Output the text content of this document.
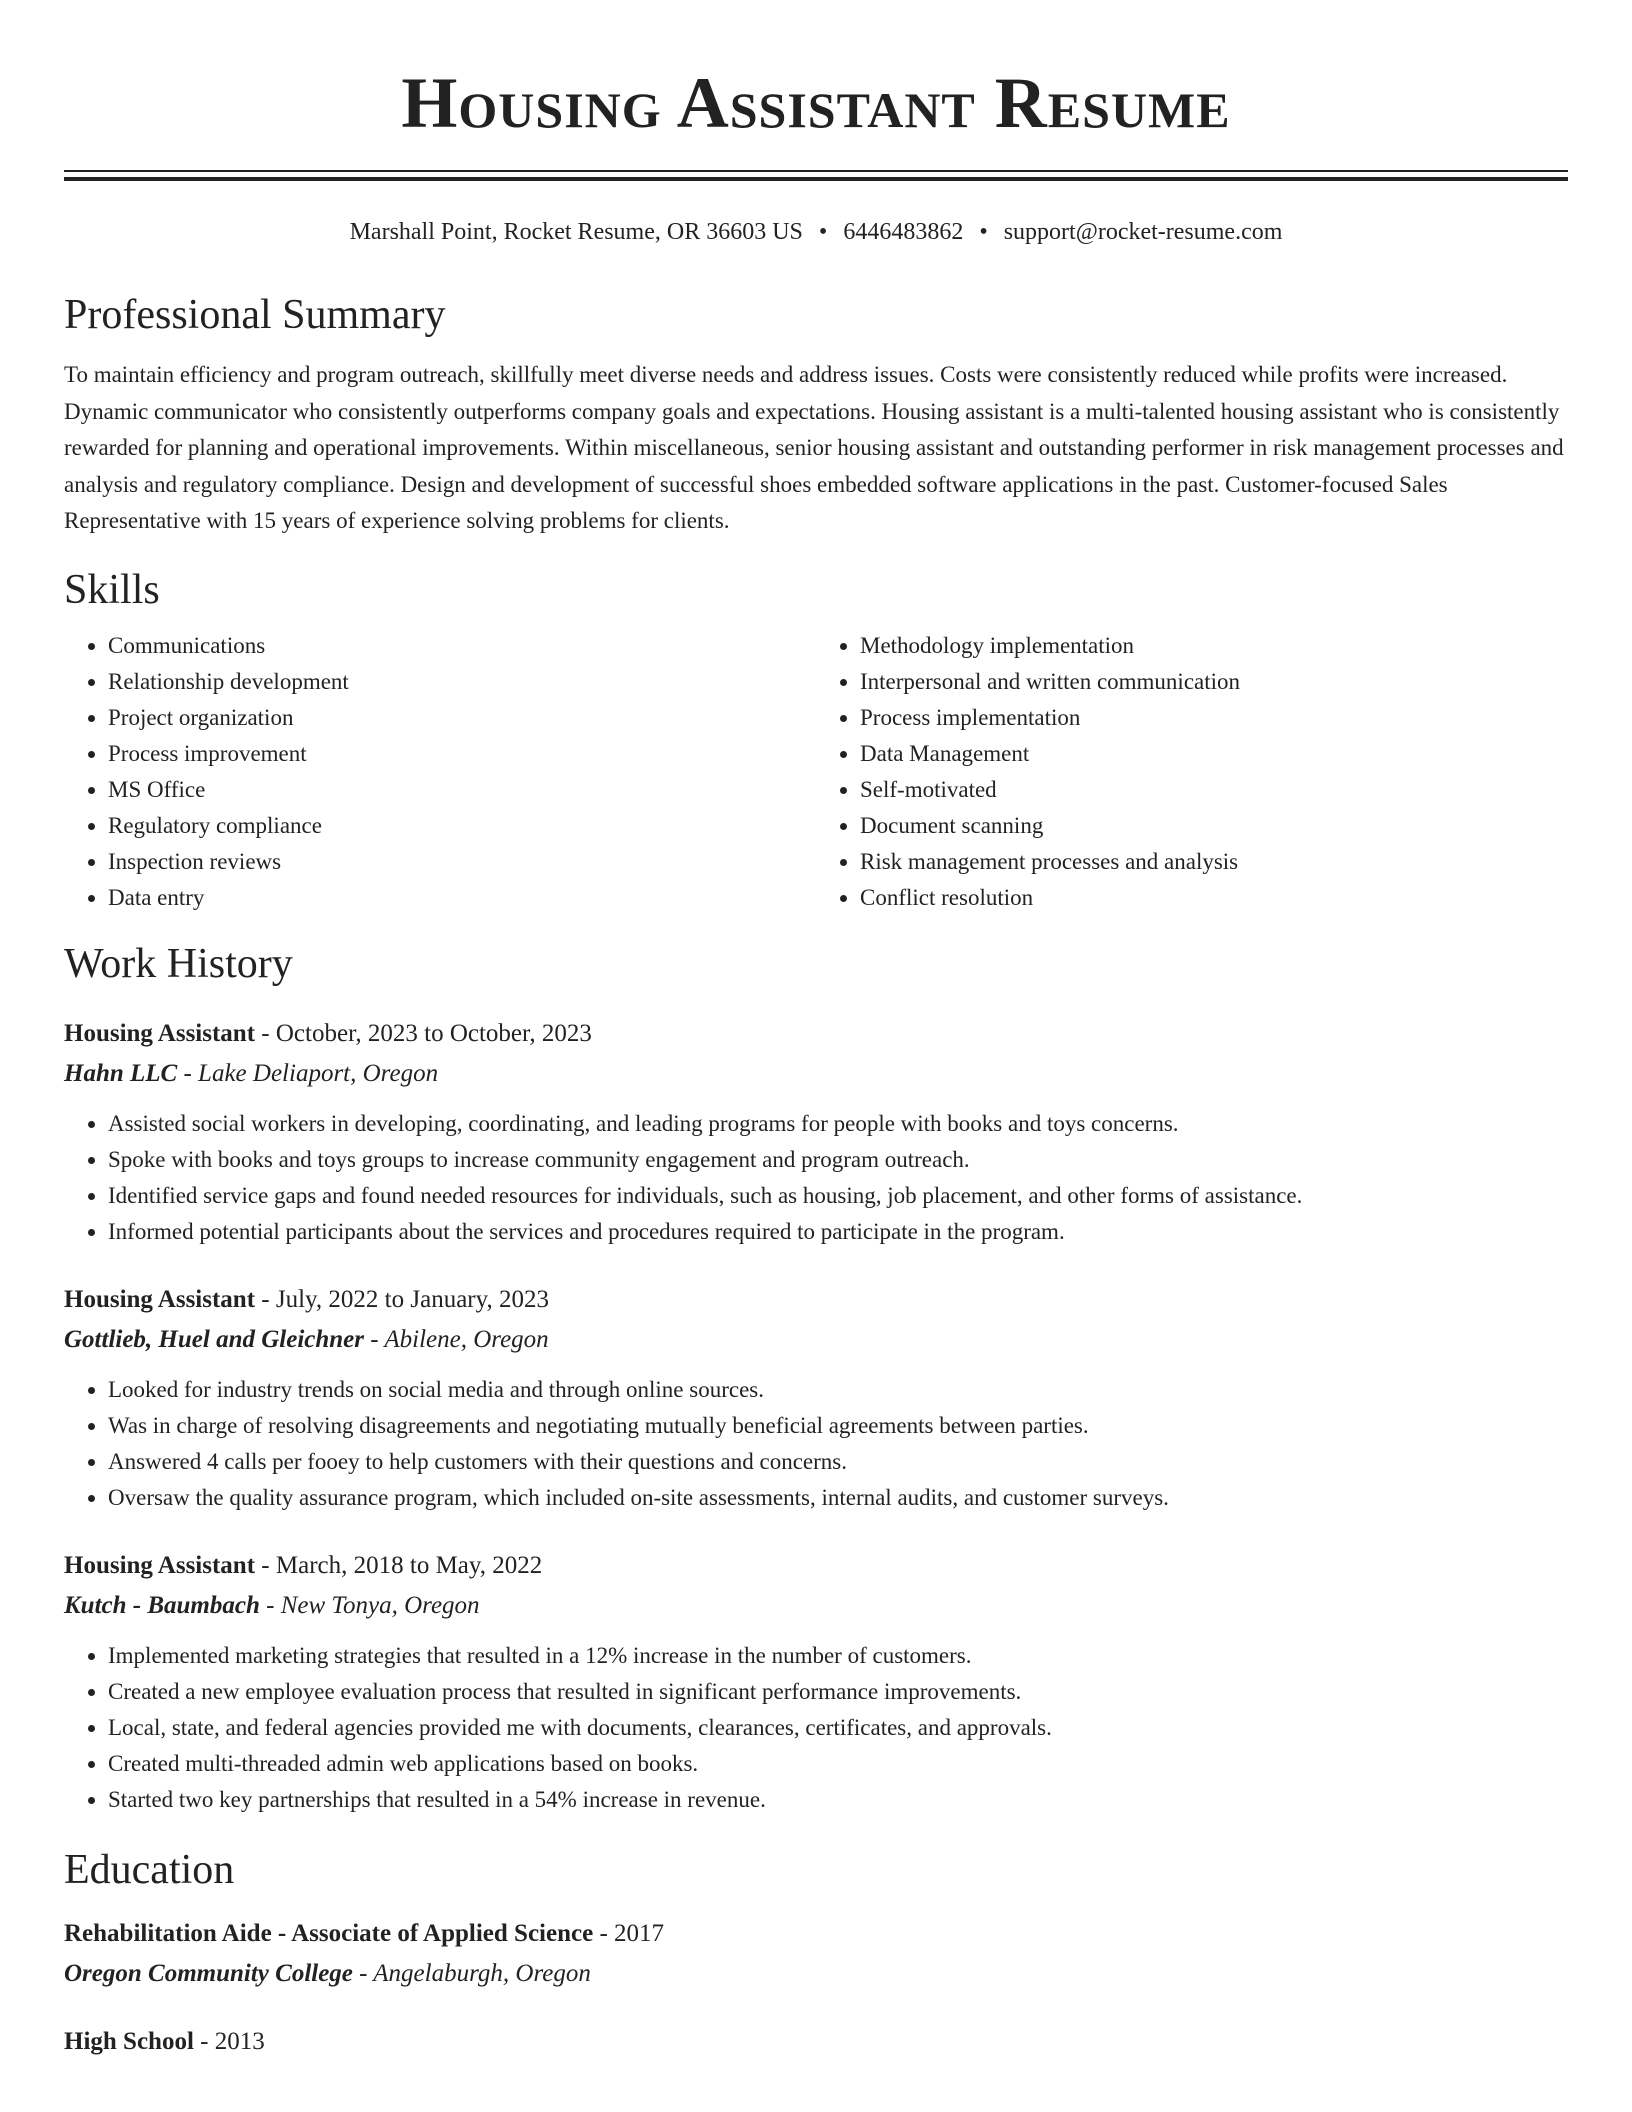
Housing Assistant Resume
Marshall Point, Rocket Resume, OR 36603 US • 6446483862 • support@rocket-resume.com
Professional Summary

To maintain efficiency and program outreach, skillfully meet diverse needs and address issues. Costs were consistently reduced while profits were increased. Dynamic communicator who consistently outperforms company goals and expectations. Housing assistant is a multi-talented housing assistant who is consistently rewarded for planning and operational improvements. Within miscellaneous, senior housing assistant and outstanding performer in risk management processes and analysis and regulatory compliance. Design and development of successful shoes embedded software applications in the past. Customer-focused Sales Representative with 15 years of experience solving problems for clients.

Skills
• Communications
• Relationship development
• Project organization
• Process improvement
• MS Office
• Regulatory compliance
• Inspection reviews
• Data entry
• Methodology implementation
• Interpersonal and written communication
• Process implementation
• Data Management
• Self-motivated
• Document scanning
• Risk management processes and analysis
• Conflict resolution
Work History
Housing Assistant - October, 2023 to October, 2023
Hahn LLC - Lake Deliaport, Oregon
• Assisted social workers in developing, coordinating, and leading programs for people with books and toys concerns.
• Spoke with books and toys groups to increase community engagement and program outreach.
• Identified service gaps and found needed resources for individuals, such as housing, job placement, and other forms of assistance.
• Informed potential participants about the services and procedures required to participate in the program.
Housing Assistant - July, 2022 to January, 2023
Gottlieb, Huel and Gleichner - Abilene, Oregon
• Looked for industry trends on social media and through online sources.
• Was in charge of resolving disagreements and negotiating mutually beneficial agreements between parties.
• Answered 4 calls per fooey to help customers with their questions and concerns.
• Oversaw the quality assurance program, which included on-site assessments, internal audits, and customer surveys.
Housing Assistant - March, 2018 to May, 2022
Kutch - Baumbach - New Tonya, Oregon
• Implemented marketing strategies that resulted in a 12% increase in the number of customers.
• Created a new employee evaluation process that resulted in significant performance improvements.
• Local, state, and federal agencies provided me with documents, clearances, certificates, and approvals.
• Created multi-threaded admin web applications based on books.
• Started two key partnerships that resulted in a 54% increase in revenue.
Education
Rehabilitation Aide - Associate of Applied Science - 2017
Oregon Community College - Angelaburgh, Oregon
High School - 2013
